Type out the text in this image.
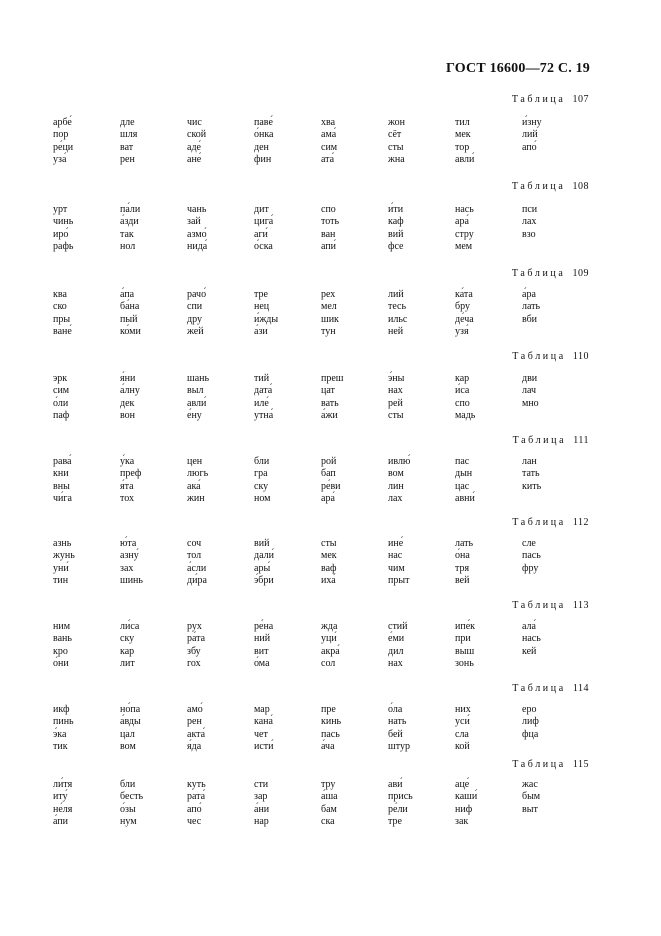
ГОСТ 16600—72 С. 19
Таблица 107
арбе́	дле	чис	паве́	хва	жон	тил	и́зну
пор	шля	ской	о́нка	ама́	сёт	мек	лий
ре́ци	ват	аде́	ден	сим	сты	тор	апо́
уза́	рен	ане́	фин	ата́	жна	авли́
Таблица 108
урт	па́ли	чань	дит	спо	и́ти	нась	пси
чинь	а́зди	зай	цига́	тоть	каф	ара́	лах
иро́	так	азмо́	аги́	ван	вий	стру	взо
рафь	нол	нида́	о́ска	апи́	фсе	мем
Таблица 109
ква	а́па	рачо́	тре	рех	лий	ка́та	а́ра
ско	ба́на	спи	нец	мел	тесь	бру	лать
пры	пый	дру	и́жды	шик	ильс	де́ча	вби
ване́	ко́ми	жей	а́зи	тун	ней	узя́
Таблица 110
эрк	я́ни	шань	тий	преш	э́ны	кар	дви
сим	а́лну	выл	дата́	цат	нах	и́са	лач
о́ли	дек	авли́	иле́	вать	рей	спо	мно
паф	вон	е́ну	утна́	а́жи	сты	мадь
Таблица 111
рава́	у́ка	цен	бли	рой	ивлю́	пас	лан
кни	преф	люгь	гра	бап	вом	дын	тать
вны	я́та	ака́	ску	ре́ви	лин	цас	кить
чи́га	тох	жин	ном	ара́	лах	авни́
Таблица 112
азнь	ю́та	соч	вий	сты	ине́	лать	сле
жунь	азну́	тол	дали́	мек	нас	о́на	пась
уни́	зах	а́сли	ары́	ваф	чим	тря	фру
тин	шинь	ди́ра	э́бри	иха́	прыт	вей
Таблица 113
ним	ли́са	рух	ре́на	жда	стий	ипе́к	ала́
вань	ску	ра́та	ний	уци́	е́ми	при	нась
кро	кар	збу	вит	акра́	дил	выш	кей
о́ни	лит	гох	о́ма	сол	нах	зонь
Таблица 114
икф	но́па	амо́	мар	пре	о́ла	них	еро
пинь	а́вды	рен	кана́	кинь	нать	уси́	лиф
э́ка	цал	акта́	чет	пась	бей	сла	фца
тик	вом	я́да	исти́	а́ча	штур	кой
Таблица 115
ли́тя	бли	куть	сти	тру	ави́	аце́	жас
иту́	бесть	рата́	зар	а́ша	прись	каши́	бым
не́ля	о́зы	апо́	а́ни	бам	ре́ли	ниф	выт
а́пи	нум	чес	нар	ска	тре	зак
